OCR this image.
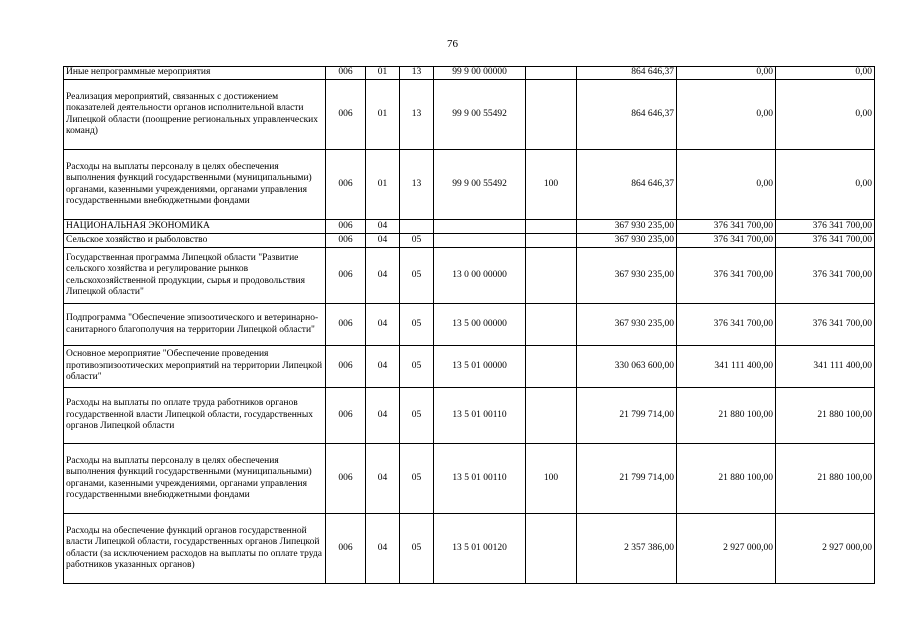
76
Иные непрограммные мероприятия	006	01	13	99 9 00 00000		864 646,37	0,00	0,00
Реализация мероприятий, связанных с достижением показателей деятельности органов исполнительной власти Липецкой области (поощрение региональных управленческих команд)	006	01	13	99 9 00 55492		864 646,37	0,00	0,00
Расходы на выплаты персоналу в целях обеспечения выполнения функций государственными (муниципальными) органами, казенными учреждениями, органами управления государственными внебюджетными фондами	006	01	13	99 9 00 55492	100	864 646,37	0,00	0,00
НАЦИОНАЛЬНАЯ ЭКОНОМИКА	006	04				367 930 235,00	376 341 700,00	376 341 700,00
Сельское хозяйство и рыболовство	006	04	05			367 930 235,00	376 341 700,00	376 341 700,00
Государственная программа Липецкой области "Развитие сельского хозяйства и регулирование рынков сельскохозяйственной продукции, сырья и продовольствия Липецкой области"	006	04	05	13 0 00 00000		367 930 235,00	376 341 700,00	376 341 700,00
Подпрограмма "Обеспечение эпизоотического и ветеринарно-санитарного благополучия на территории Липецкой области"	006	04	05	13 5 00 00000		367 930 235,00	376 341 700,00	376 341 700,00
Основное мероприятие "Обеспечение проведения противоэпизоотических мероприятий на территории Липецкой области"	006	04	05	13 5 01 00000		330 063 600,00	341 111 400,00	341 111 400,00
Расходы на выплаты по оплате труда работников органов государственной власти Липецкой области, государственных органов Липецкой области	006	04	05	13 5 01 00110		21 799 714,00	21 880 100,00	21 880 100,00
Расходы на выплаты персоналу в целях обеспечения выполнения функций государственными (муниципальными) органами, казенными учреждениями, органами управления государственными внебюджетными фондами	006	04	05	13 5 01 00110	100	21 799 714,00	21 880 100,00	21 880 100,00
Расходы на обеспечение функций органов государственной власти Липецкой области, государственных органов Липецкой области (за исключением расходов на выплаты по оплате труда работников указанных органов)	006	04	05	13 5 01 00120		2 357 386,00	2 927 000,00	2 927 000,00
